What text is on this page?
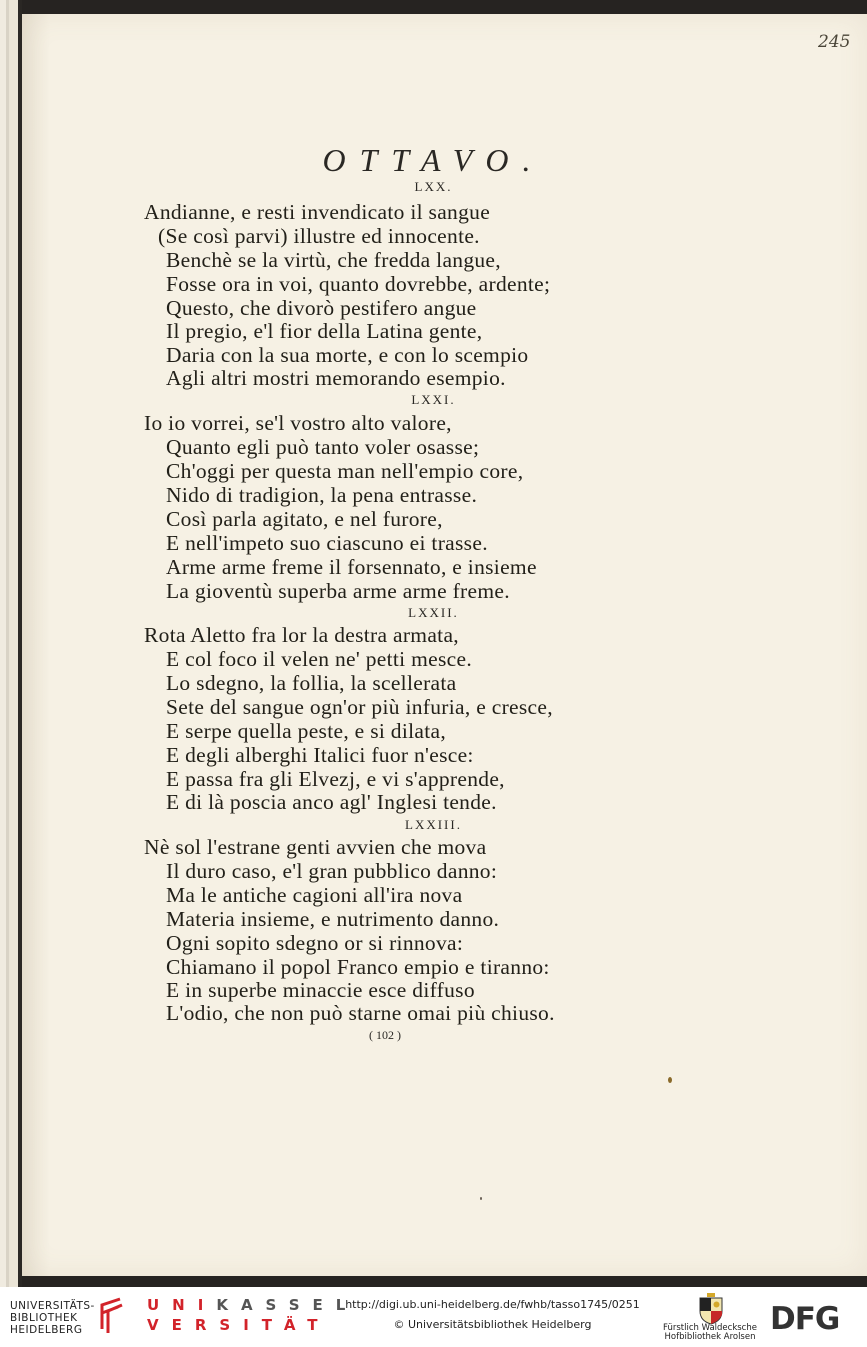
245
OTTAVO.
LXX.
Andianne, e resti invendicato il sangue
(Se così parvi) illustre ed innocente.
Benchè se la virtù, che fredda langue,
Fosse ora in voi, quanto dovrebbe, ardente;
Questo, che divorò pestifero angue
Il pregio, e'l fior della Latina gente,
Daria con la sua morte, e con lo scempio
Agli altri mostri memorando esempio.
LXXI.
Io io vorrei, se'l vostro alto valore,
Quanto egli può tanto voler osasse;
Ch'oggi per questa man nell'empio core,
Nido di tradigion, la pena entrasse.
Così parla agitato, e nel furore,
E nell'impeto suo ciascuno ei trasse.
Arme arme freme il forsennato, e insieme
La gioventù superba arme arme freme.
LXXII.
Rota Aletto fra lor la destra armata,
E col foco il velen ne' petti mesce.
Lo sdegno, la follia, la scellerata
Sete del sangue ogn'or più infuria, e cresce,
E serpe quella peste, e si dilata,
E degli alberghi Italici fuor n'esce:
E passa fra gli Elvezj, e vi s'apprende,
E di là poscia anco agl' Inglesi tende.
LXXIII.
Nè sol l'estrane genti avvien che mova
Il duro caso, e'l gran pubblico danno:
Ma le antiche cagioni all'ira nova
Materia insieme, e nutrimento danno.
Ogni sopito sdegno or si rinnova:
Chiamano il popol Franco empio e tiranno:
E in superbe minaccie esce diffuso
L'odio, che non può starne omai più chiuso.
( 102 )
UNIVERSITÄTS-
BIBLIOTHEK
HEIDELBERG
UNIKASSEL
VERSITÄT
http://digi.ub.uni-heidelberg.de/fwhb/tasso1745/0251
© Universitätsbibliothek Heidelberg	Fürstlich Waldecksche
Hofbibliothek Arolsen DFG
